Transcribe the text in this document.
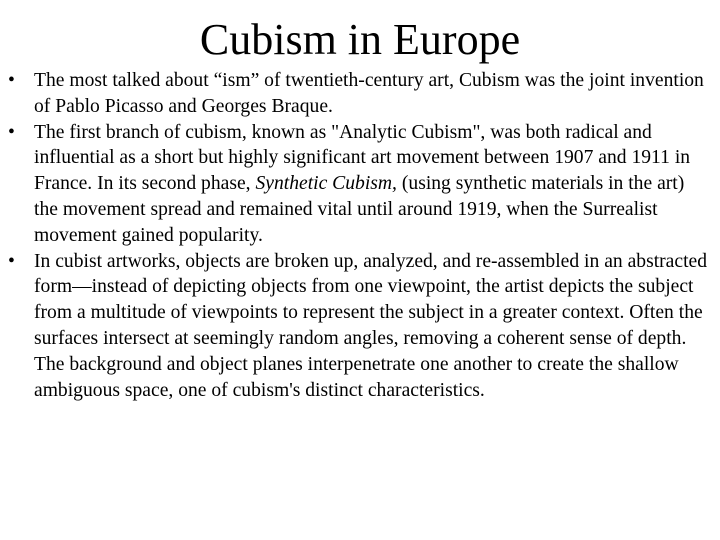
Cubism in Europe
• The most talked about “ism” of twentieth-century art, Cubism was the joint invention of Pablo Picasso and Georges Braque.
• The first branch of cubism, known as "Analytic Cubism", was both radical and influential as a short but highly significant art movement between 1907 and 1911 in France. In its second phase, Synthetic Cubism, (using synthetic materials in the art) the movement spread and remained vital until around 1919, when the Surrealist movement gained popularity.
• In cubist artworks, objects are broken up, analyzed, and re-assembled in an abstracted form—instead of depicting objects from one viewpoint, the artist depicts the subject from a multitude of viewpoints to represent the subject in a greater context. Often the surfaces intersect at seemingly random angles, removing a coherent sense of depth. The background and object planes interpenetrate one another to create the shallow ambiguous space, one of cubism's distinct characteristics.
